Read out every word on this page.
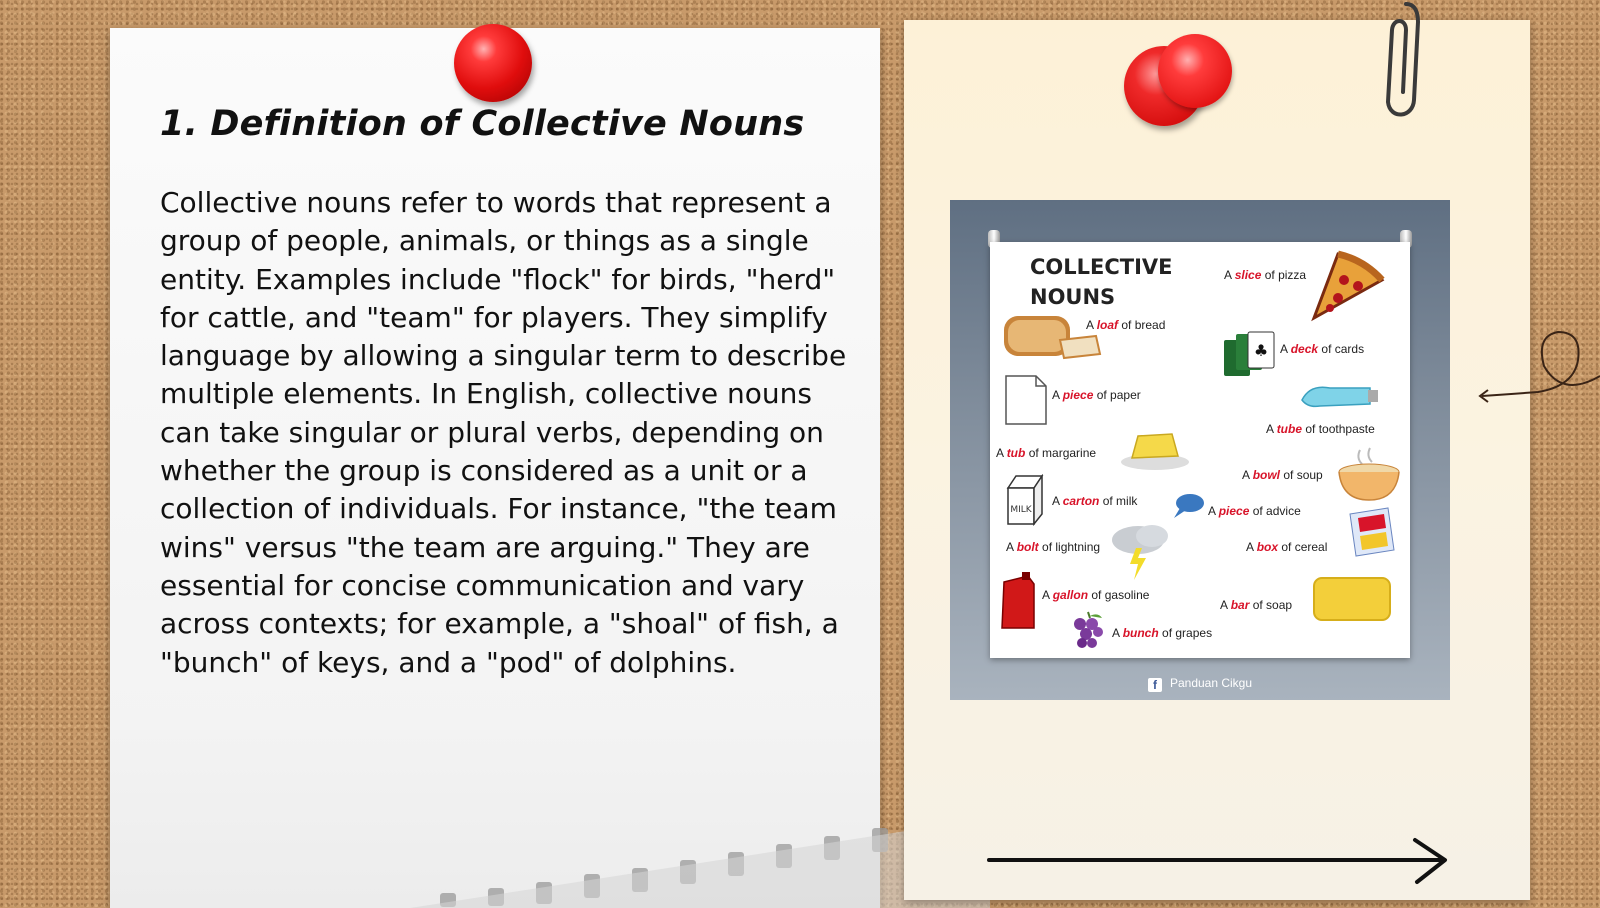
1. Definition of Collective Nouns

Collective nouns refer to words that represent a group of people, animals, or things as a single entity. Examples include "flock" for birds, "herd" for cattle, and "team" for players. They simplify language by allowing a singular term to describe multiple elements. In English, collective nouns can take singular or plural verbs, depending on whether the group is considered as a unit or a collection of individuals. For instance, "the team wins" versus "the team are arguing." They are essential for concise communication and vary across contexts; for example, a "shoal" of fish, a "bunch" of keys, and a "pod" of dolphins.

COLLECTIVE NOUNS
A slice of pizza
A loaf of bread
♣ A deck of cards
A piece of paper
A tube of toothpaste
A tub of margarine
A bowl of soup
MILK
A carton of milk
A piece of advice
A bolt of lightning	A box of cereal
A gallon of gasoline
A bar of soap
A bunch of grapes
f Panduan Cikgu
